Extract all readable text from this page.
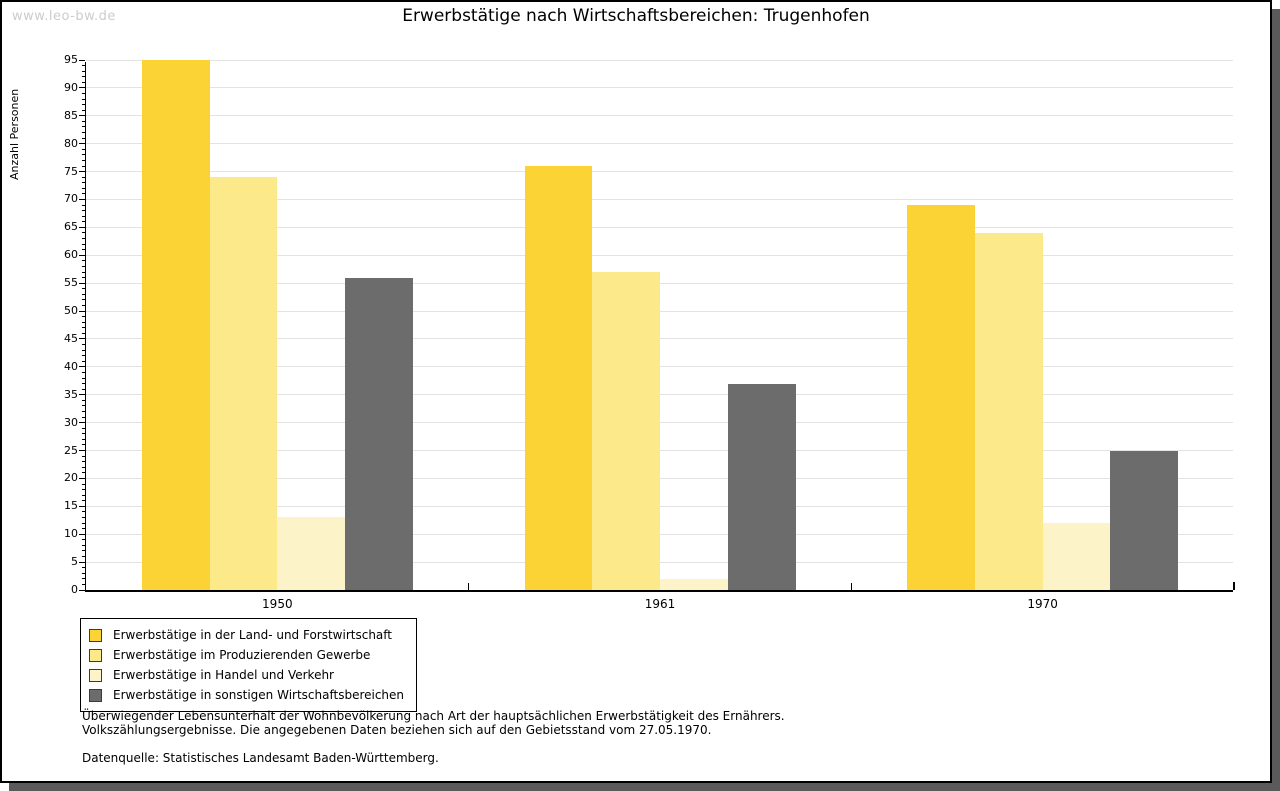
www.leo-bw.de	Erwerbstätige nach Wirtschaftsbereichen: Trugenhofen
Anzahl Personen
0
5
10
15
20
25
30
35
40
45
50
55
60
65
70
75
80
85
90
95
1950	1961	1970
Erwerbstätige in der Land- und Forstwirtschaft
Erwerbstätige im Produzierenden Gewerbe
Erwerbstätige in Handel und Verkehr
Erwerbstätige in sonstigen Wirtschaftsbereichen
Überwiegender Lebensunterhalt der Wohnbevölkerung nach Art der hauptsächlichen Erwerbstätigkeit des Ernährers.
Volkszählungsergebnisse. Die angegebenen Daten beziehen sich auf den Gebietsstand vom 27.05.1970.
Datenquelle: Statistisches Landesamt Baden-Württemberg.
